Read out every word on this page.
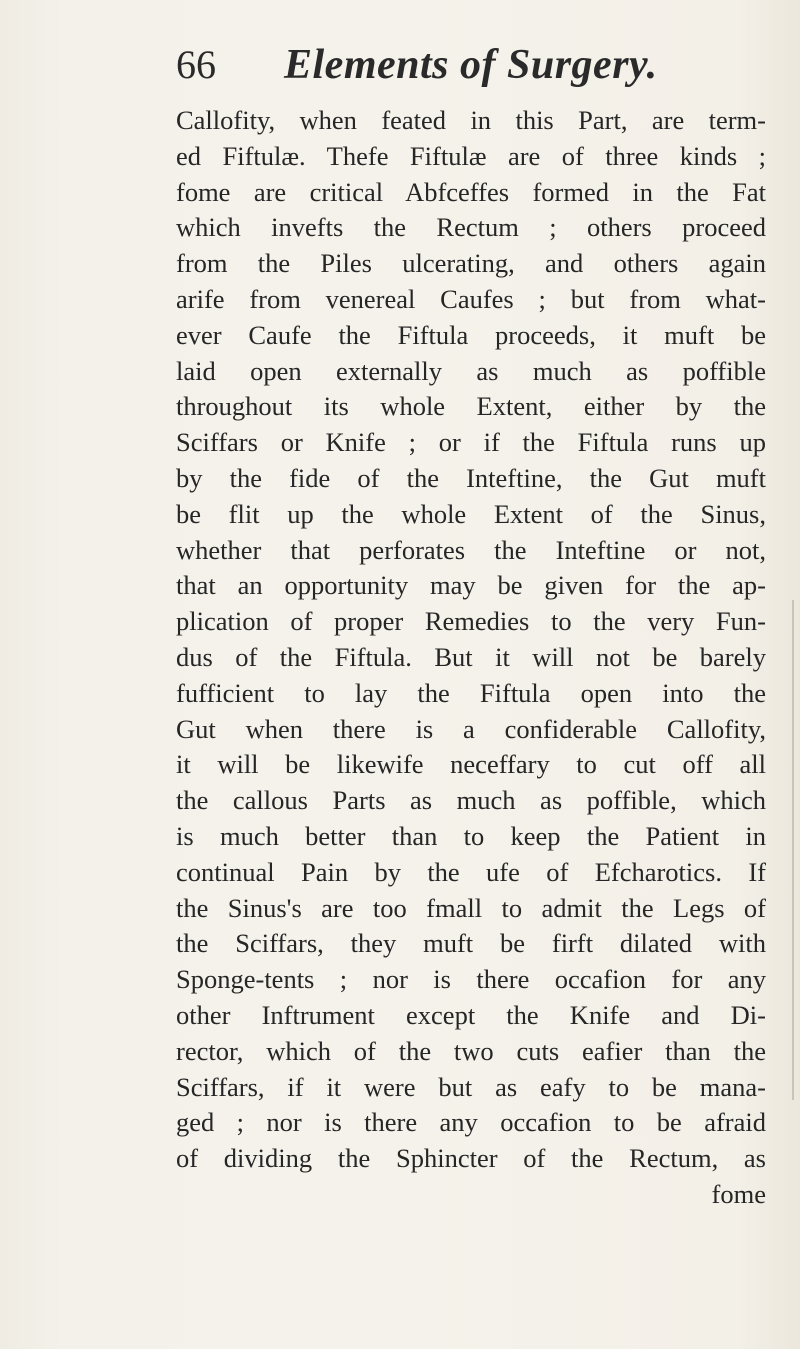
66 Elements of Surgery.
Callofity, when feated in this Part, are term-
ed Fiftulæ. Thefe Fiftulæ are of three kinds ;
fome are critical Abfceffes formed in the Fat
which invefts the Rectum ; others proceed
from the Piles ulcerating, and others again
arife from venereal Caufes ; but from what-
ever Caufe the Fiftula proceeds, it muft be
laid open externally as much as poffible
throughout its whole Extent, either by the
Sciffars or Knife ; or if the Fiftula runs up
by the fide of the Inteftine, the Gut muft
be flit up the whole Extent of the Sinus,
whether that perforates the Inteftine or not,
that an opportunity may be given for the ap-
plication of proper Remedies to the very Fun-
dus of the Fiftula. But it will not be barely
fufficient to lay the Fiftula open into the
Gut when there is a confiderable Callofity,
it will be likewife neceffary to cut off all
the callous Parts as much as poffible, which
is much better than to keep the Patient in
continual Pain by the ufe of Efcharotics. If
the Sinus's are too fmall to admit the Legs of
the Sciffars, they muft be firft dilated with
Sponge-tents ; nor is there occafion for any
other Inftrument except the Knife and Di-
rector, which of the two cuts eafier than the
Sciffars, if it were but as eafy to be mana-
ged ; nor is there any occafion to be afraid
of dividing the Sphincter of the Rectum, as
fome
